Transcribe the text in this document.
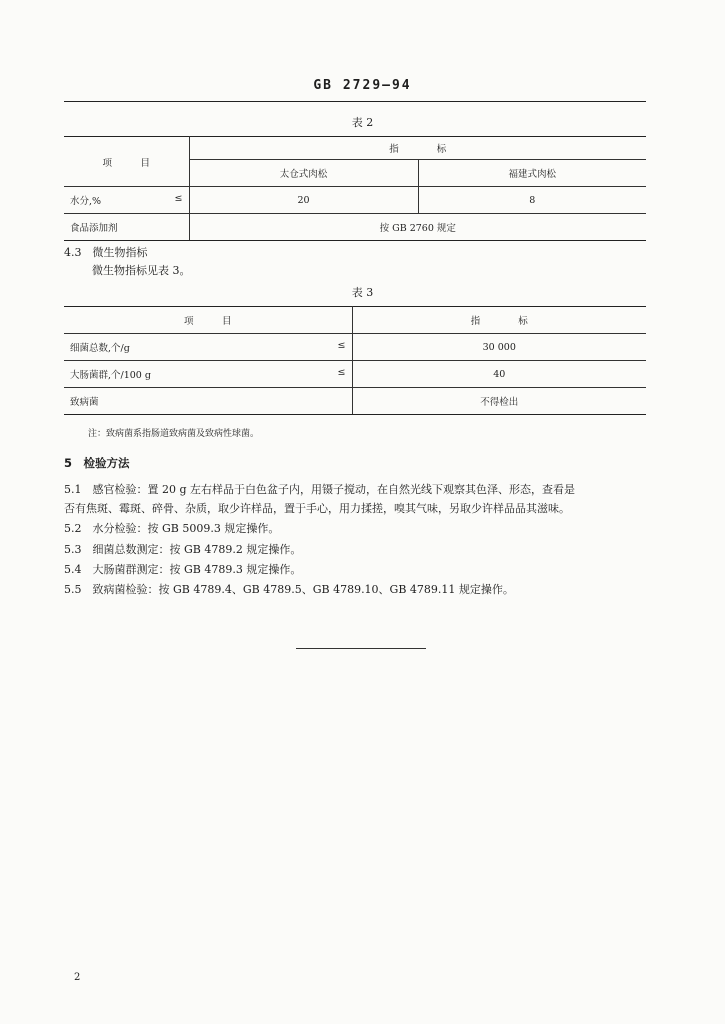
GB 2729—94
表 2
项　　　目	指　　　　标	
	太仓式肉松	福建式肉松
水分,% ≤	20	8
食品添加剂	按 GB 2760 规定	
4.3　微生物指标
微生物指标见表 3。
表 3
项　　　目	指　　　　标
细菌总数,个/g ≤	30 000
大肠菌群,个/100 g ≤	40
致病菌	不得检出
注：致病菌系指肠道致病菌及致病性球菌。
5　检验方法
5.1　感官检验：置 20 g 左右样品于白色盆子内，用镊子搅动，在自然光线下观察其色泽、形态，查看是
否有焦斑、霉斑、碎骨、杂质，取少许样品，置于手心，用力揉搓，嗅其气味，另取少许样品品其滋味。
5.2　水分检验：按 GB 5009.3 规定操作。
5.3　细菌总数测定：按 GB 4789.2 规定操作。
5.4　大肠菌群测定：按 GB 4789.3 规定操作。
5.5　致病菌检验：按 GB 4789.4、GB 4789.5、GB 4789.10、GB 4789.11 规定操作。
2
